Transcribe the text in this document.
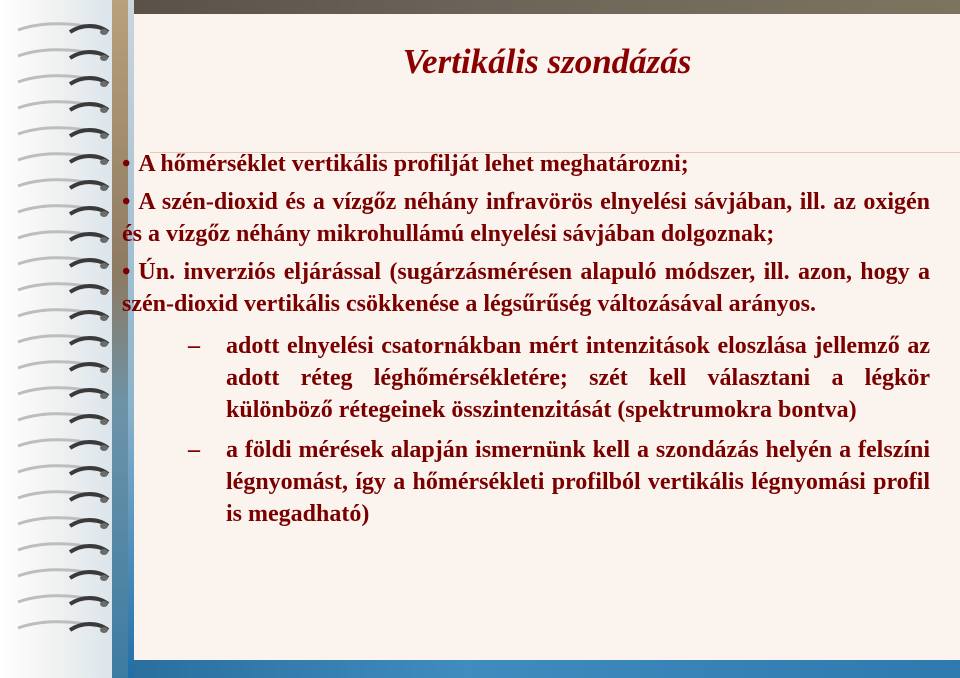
Vertikális szondázás

• A hőmérséklet vertikális profilját lehet meghatározni;

• A szén-dioxid és a vízgőz néhány infravörös elnyelési sávjában, ill. az oxigén és a vízgőz néhány mikrohullámú elnyelési sávjában dolgoznak;

• Ún. inverziós eljárással (sugárzásmérésen alapuló módszer, ill. azon, hogy a szén-dioxid vertikális csökkenése a légsűrűség változásával arányos.

– adott elnyelési csatornákban mért intenzitások eloszlása jellemző az adott réteg léghőmérsékletére; szét kell választani a légkör különböző rétegeinek összintenzitását (spektrumokra bontva)

– a földi mérések alapján ismernünk kell a szondázás helyén a felszíni légnyomást, így a hőmérsékleti profilból vertikális légnyomási profil is megadható)
